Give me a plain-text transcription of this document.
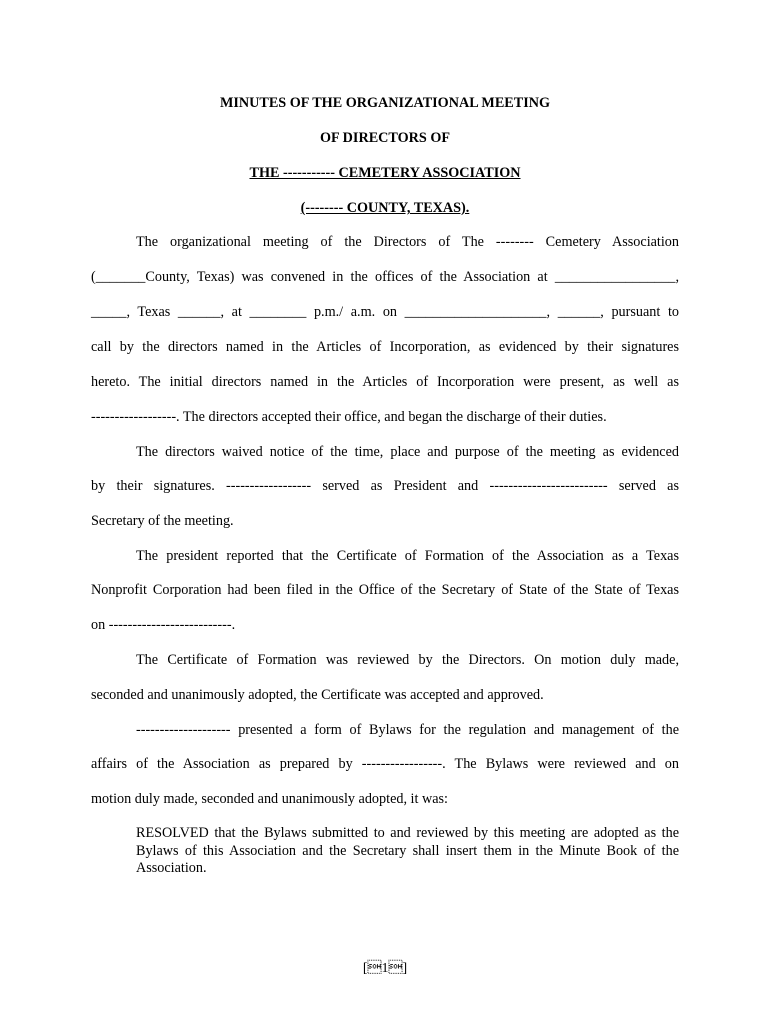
MINUTES OF THE ORGANIZATIONAL MEETING
OF DIRECTORS OF
THE ----------- CEMETERY ASSOCIATION
(-------- COUNTY, TEXAS).
The organizational meeting of the Directors of The -------- Cemetery Association
(_______County, Texas) was convened in the offices of the Association at _________________,
_____, Texas ______, at ________ p.m./ a.m. on ____________________, ______, pursuant to
call by the directors named in the Articles of Incorporation, as evidenced by their signatures
hereto. The initial directors named in the Articles of Incorporation were present, as well as
------------------. The directors accepted their office, and began the discharge of their duties.
The directors waived notice of the time, place and purpose of the meeting as evidenced
by their signatures. ------------------ served as President and ------------------------- served as
Secretary of the meeting.
The president reported that the Certificate of Formation of the Association as a Texas
Nonprofit Corporation had been filed in the Office of the Secretary of State of the State of Texas
on --------------------------.
The Certificate of Formation was reviewed by the Directors. On motion duly made,
seconded and unanimously adopted, the Certificate was accepted and approved.
-------------------- presented a form of Bylaws for the regulation and management of the
affairs of the Association as prepared by -----------------. The Bylaws were reviewed and on
motion duly made, seconded and unanimously adopted, it was:
RESOLVED that the Bylaws submitted to and reviewed by this meeting are adopted as the Bylaws of this Association and the Secretary shall insert them in the Minute Book of the Association.
[1]
